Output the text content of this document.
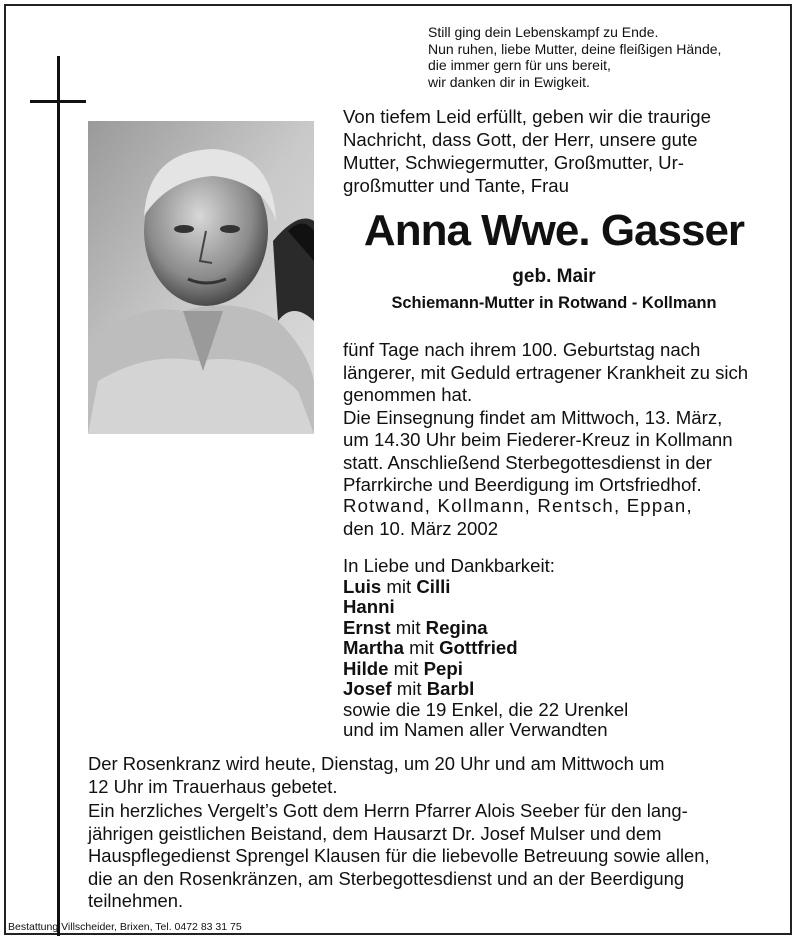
Still ging dein Lebenskampf zu Ende.
Nun ruhen, liebe Mutter, deine fleißigen Hände,
die immer gern für uns bereit,
wir danken dir in Ewigkeit.
Von tiefem Leid erfüllt, geben wir die traurige
Nachricht, dass Gott, der Herr, unsere gute
Mutter, Schwiegermutter, Großmutter, Ur-
großmutter und Tante, Frau
Anna Wwe. Gasser
geb. Mair
Schiemann-Mutter in Rotwand - Kollmann
fünf Tage nach ihrem 100. Geburtstag nach
längerer, mit Geduld ertragener Krankheit zu sich
genommen hat.
Die Einsegnung findet am Mittwoch, 13. März,
um 14.30 Uhr beim Fiederer-Kreuz in Kollmann
statt. Anschließend Sterbegottesdienst in der
Pfarrkirche und Beerdigung im Ortsfriedhof.
Rotwand, Kollmann, Rentsch, Eppan,
den 10. März 2002
In Liebe und Dankbarkeit:
Luis mit Cilli
Hanni
Ernst mit Regina
Martha mit Gottfried
Hilde mit Pepi
Josef mit Barbl
sowie die 19 Enkel, die 22 Urenkel
und im Namen aller Verwandten
Der Rosenkranz wird heute, Dienstag, um 20 Uhr und am Mittwoch um
12 Uhr im Trauerhaus gebetet.
Ein herzliches Vergelt’s Gott dem Herrn Pfarrer Alois Seeber für den lang-
jährigen geistlichen Beistand, dem Hausarzt Dr. Josef Mulser und dem
Hauspflegedienst Sprengel Klausen für die liebevolle Betreuung sowie allen,
die an den Rosenkränzen, am Sterbegottesdienst und an der Beerdigung
teilnehmen.
Bestattung Villscheider, Brixen, Tel. 0472 83 31 75
